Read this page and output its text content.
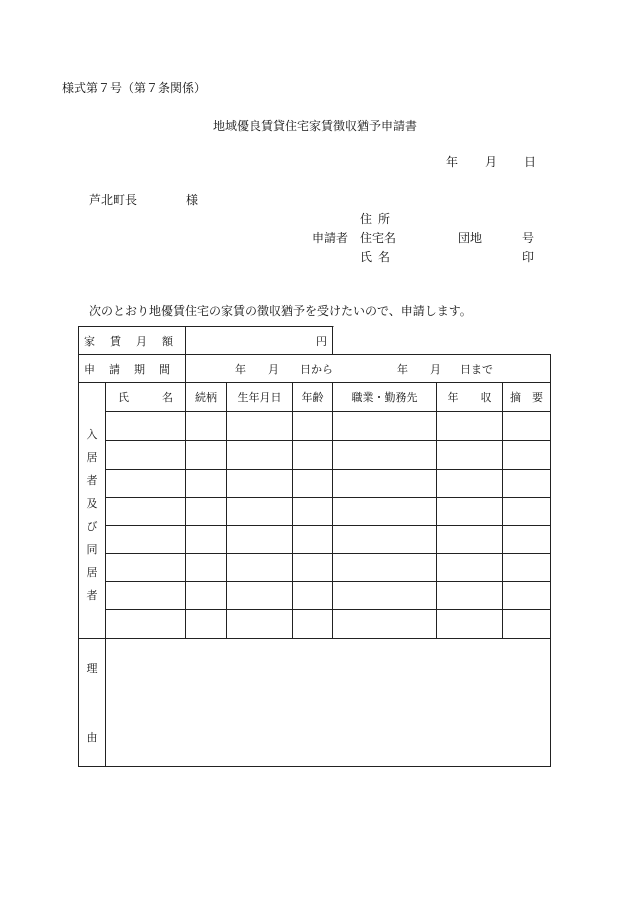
様式第７号（第７条関係）
地域優良賃貸住宅家賃徴収猶予申請書
年 月 日
芦北町長	様
住所
申請者 住宅名	団地	号
氏名	印
次のとおり地優賃住宅の家賃の徴収猶予を受けたいので、申請します。
家賃月額	円
申請期間	年 月 日から	年 月 日まで
入
居
者
及
び
同
居
者
氏　　　名	続柄	生年月日	年齢	職業・勤務先	年　　収	摘　要
理
由
